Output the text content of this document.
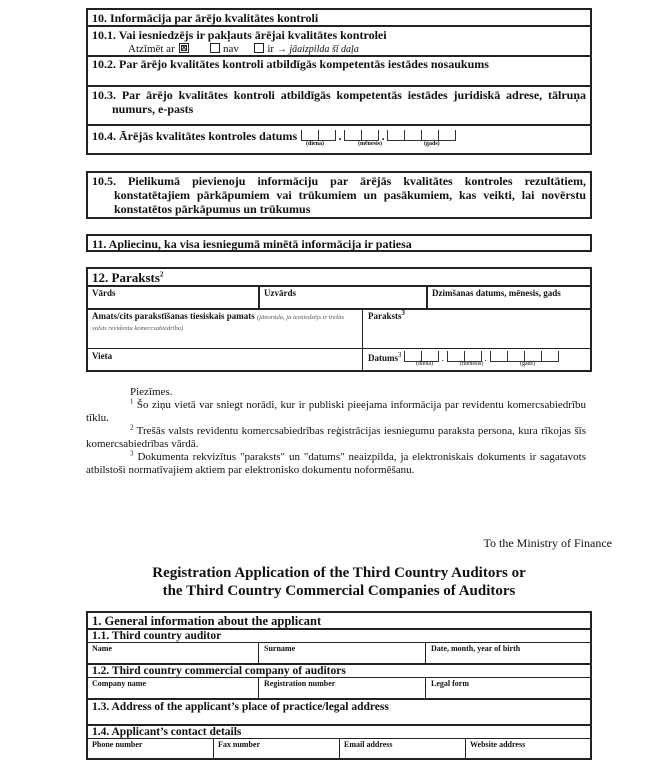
10. Informācija par ārējo kvalitātes kontroli
10.1. Vai iesniedzējs ir pakļauts ārējai kvalitātes kontrolei
Atzīmēt ar	nav	ir → jāaizpilda šī daļa
10.2. Par ārējo kvalitātes kontroli atbildīgās kompetentās iestādes nosaukums
10.3. Par ārējo kvalitātes kontroli atbildīgās kompetentās iestādes juridiskā adrese, tālruņa numurs, e-pasts
10.4. Ārējās kvalitātes kontroles datums	. .
(diena)	(mēnesis)	(gads)
10.5. Pielikumā pievienoju informāciju par ārējās kvalitātes kontroles rezultātiem, konstatētajiem pārkāpumiem vai trūkumiem un pasākumiem, kas veikti, lai novērstu konstatētos pārkāpumus un trūkumus
11. Apliecinu, ka visa iesniegumā minētā informācija ir patiesa
12. Paraksts$^2$
Vārds	Uzvārds	Dzimšanas datums, mēnesis, gads
Amats/cits parakstīšanas tiesiskais pamats (jānorāda, ja iesniedzējs ir trešās valsts revidentu komercsabiedrība)
Paraksts$^3$
Vieta	Datums$^3$	.	.
(diena)	(mēnesis)	(gads)
Piezīmes.
$^1$ Šo ziņu vietā var sniegt norādi, kur ir publiski pieejama informācija par revidentu komercsabiedrību tīklu.
$^2$ Trešās valsts revidentu komercsabiedrības reģistrācijas iesniegumu paraksta persona, kura rīkojas šīs komercsabiedrības vārdā.
$^3$ Dokumenta rekvizītus "paraksts" un "datums" neaizpilda, ja elektroniskais dokuments ir sagatavots atbilstoši normatīvajiem aktiem par elektronisko dokumentu noformēšanu.
To the Ministry of Finance
Registration Application of the Third Country Auditors or
the Third Country Commercial Companies of Auditors
1. General information about the applicant
1.1. Third country auditor
Name	Surname	Date, month, year of birth
1.2. Third country commercial company of auditors
Company name	Registration number	Legal form
1.3. Address of the applicant’s place of practice/legal address
1.4. Applicant’s contact details
Phone number	Fax number	Email address	Website address
